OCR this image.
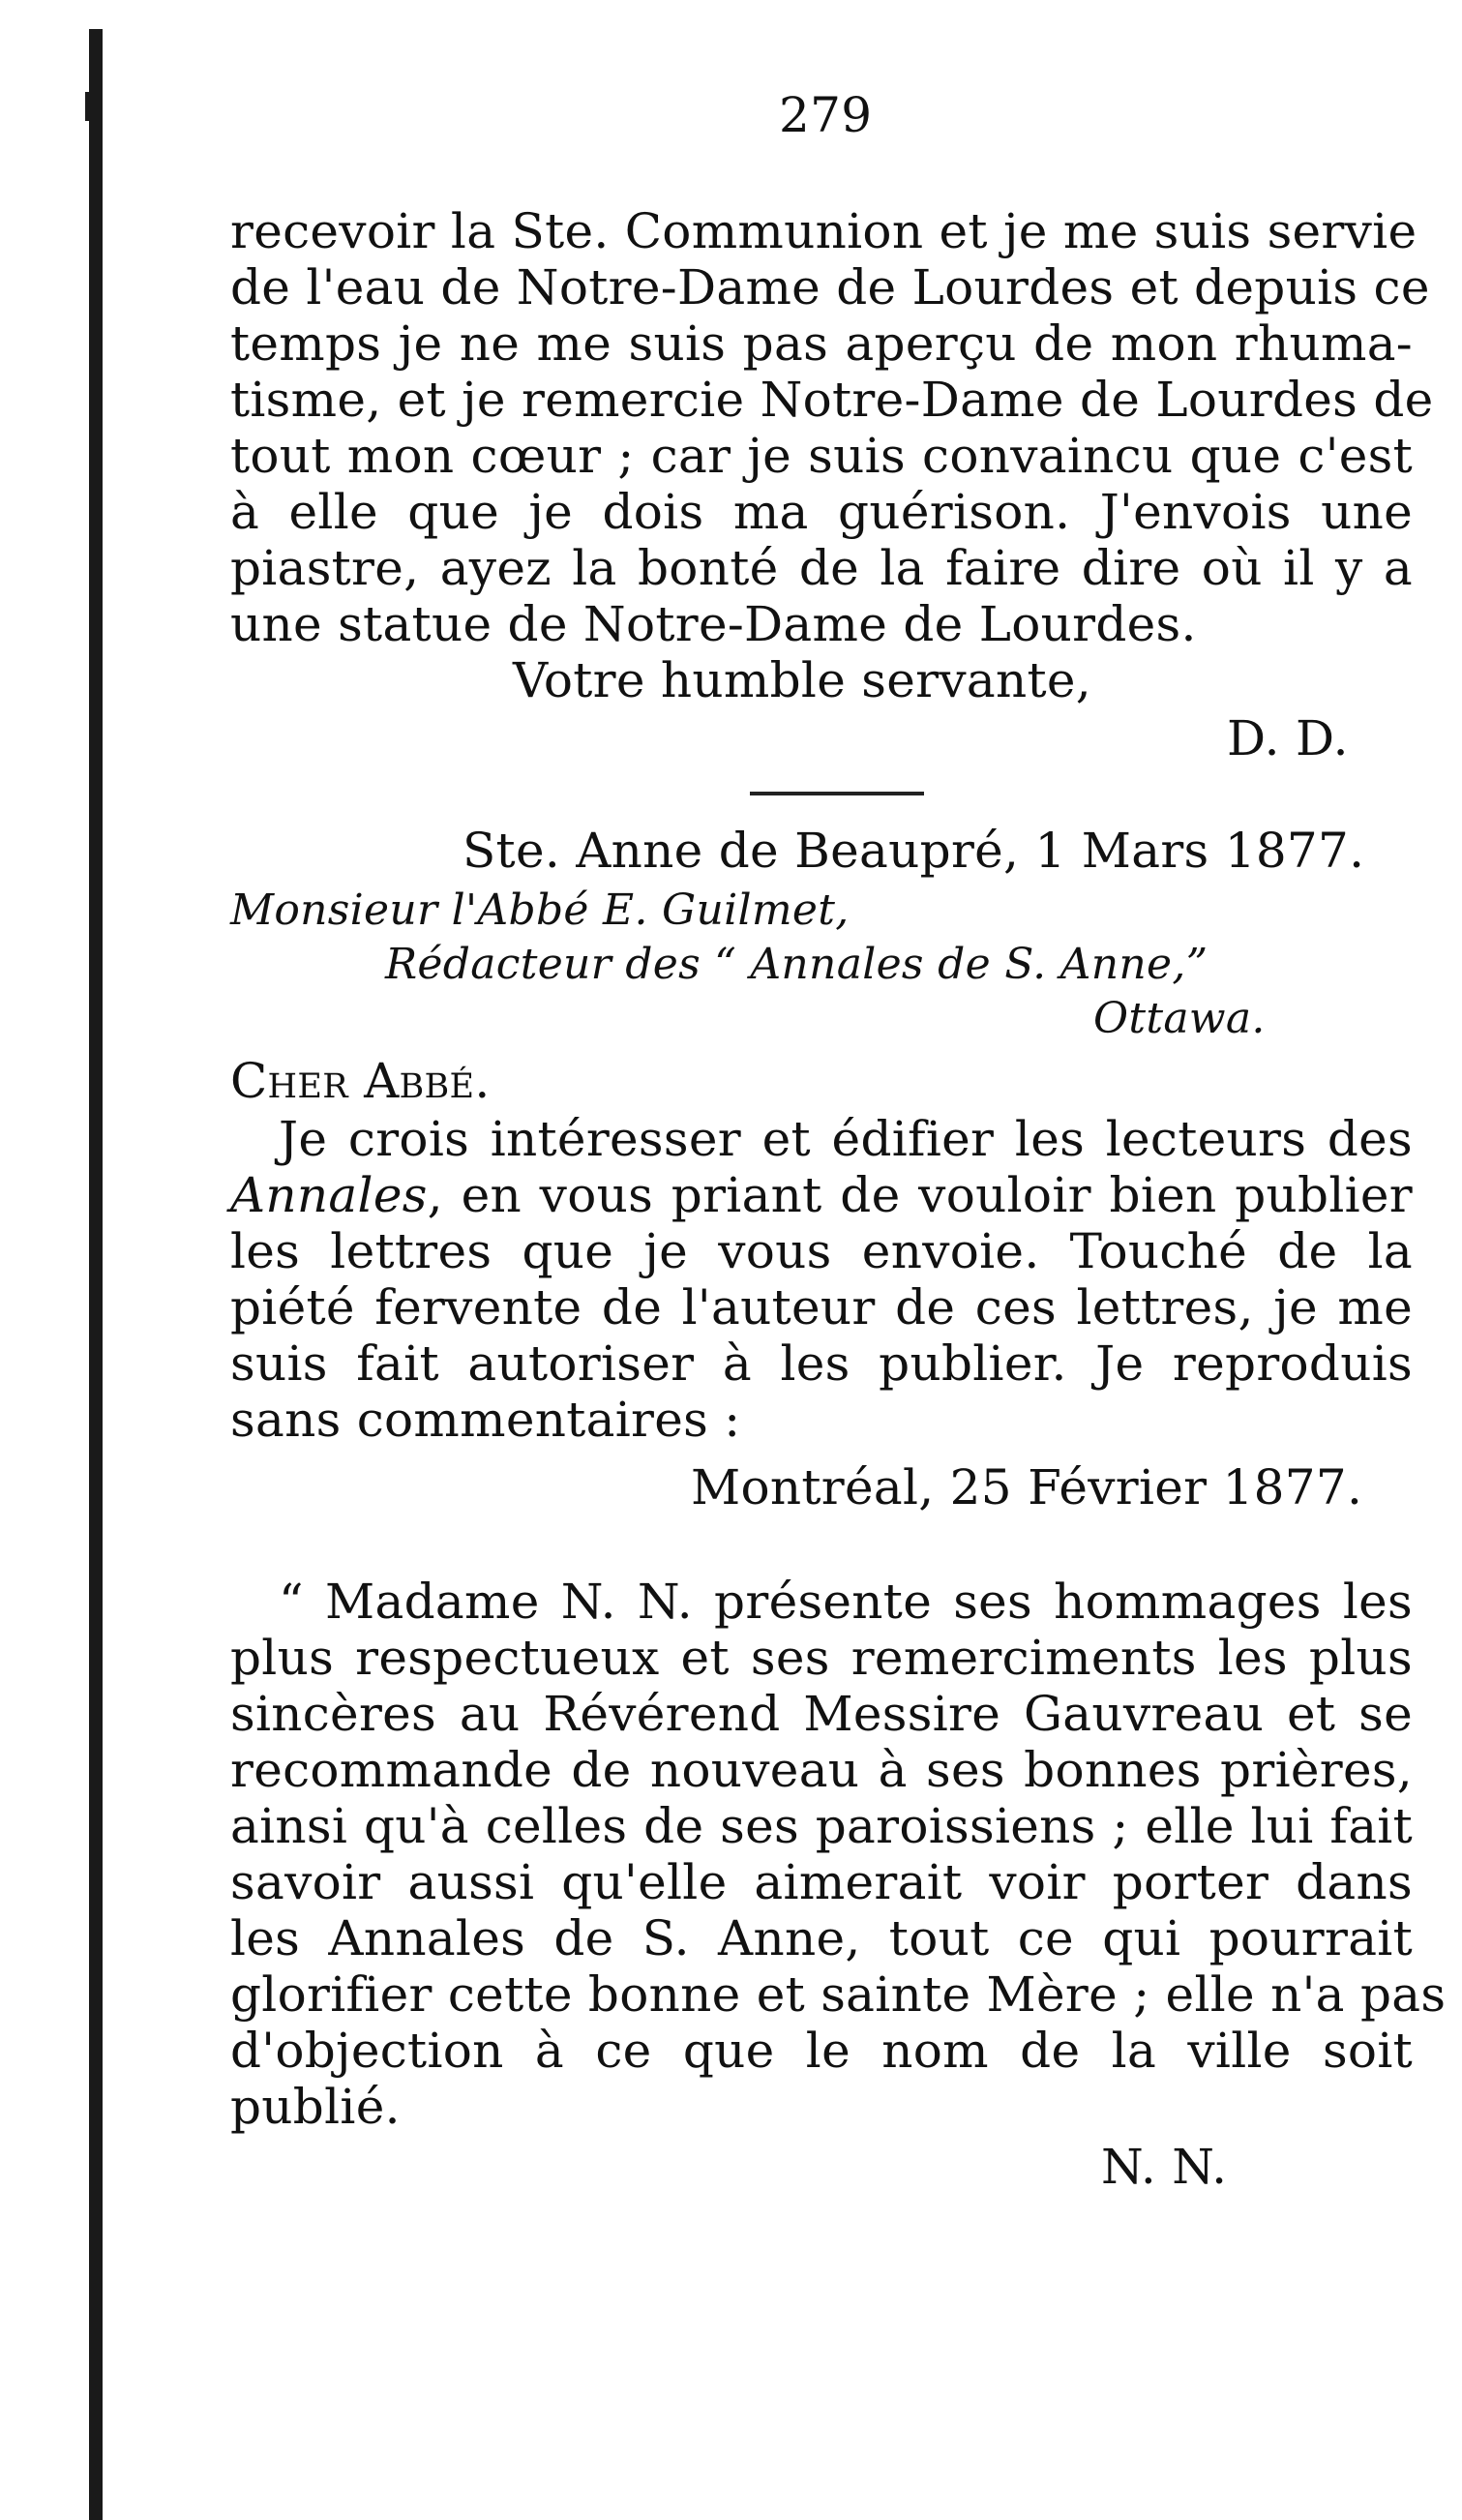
279
recevoir la Ste. Communion et je me suis servie
de l'eau de Notre-Dame de Lourdes et depuis ce
temps je ne me suis pas aperçu de mon rhuma-
tisme, et je remercie Notre-Dame de Lourdes de
tout mon cœur ; car je suis convaincu que c'est
à elle que je dois ma guérison. J'envois une
piastre, ayez la bonté de la faire dire où il y a
une statue de Notre-Dame de Lourdes.
Votre humble servante,
D. D.
Ste. Anne de Beaupré, 1 Mars 1877.
Monsieur l'Abbé E. Guilmet,
Rédacteur des “ Annales de S. Anne,”
Ottawa.
Cher Abbé.
Je crois intéresser et édifier les lecteurs des
Annales, en vous priant de vouloir bien publier
les lettres que je vous envoie. Touché de la
piété fervente de l'auteur de ces lettres, je me
suis fait autoriser à les publier. Je reproduis
sans commentaires :
Montréal, 25 Février 1877.
“ Madame N. N. présente ses hommages les
plus respectueux et ses remerciments les plus
sincères au Révérend Messire Gauvreau et se
recommande de nouveau à ses bonnes prières,
ainsi qu'à celles de ses paroissiens ; elle lui fait
savoir aussi qu'elle aimerait voir porter dans
les Annales de S. Anne, tout ce qui pourrait
glorifier cette bonne et sainte Mère ; elle n'a pas
d'objection à ce que le nom de la ville soit
publié.
N. N.
